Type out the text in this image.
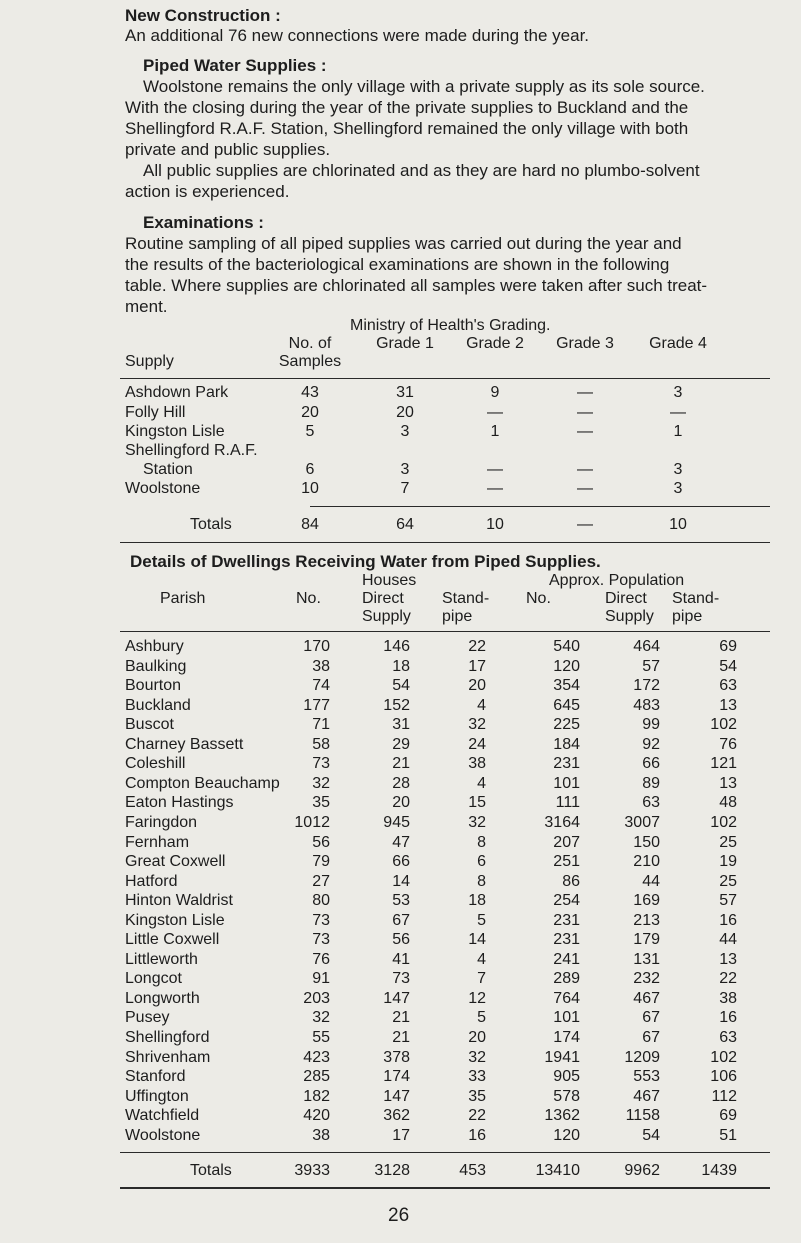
New Construction :
An additional 76 new connections were made during the year.
Piped Water Supplies :
Woolstone remains the only village with a private supply as its sole source.
With the closing during the year of the private supplies to Buckland and the
Shellingford R.A.F. Station, Shellingford remained the only village with both
private and public supplies.
All public supplies are chlorinated and as they are hard no plumbo-solvent
action is experienced.
Examinations :
Routine sampling of all piped supplies was carried out during the year and
the results of the bacteriological examinations are shown in the following
table. Where supplies are chlorinated all samples were taken after such treat-
ment.
Ministry of Health's Grading.
No. of
Samples
Supply
Grade 1	Grade 2	Grade 3	Grade 4
Ashdown Park	43	31	9	—	3
Folly Hill	20	20	—	—	—
Kingston Lisle	5	3	1	—	1
Shellingford R.A.F.
Station	6	3	—	—	3
Woolstone	10	7	—	—	3
Totals	84	64	10	—	10
Details of Dwellings Receiving Water from Piped Supplies.
Houses	Approx. Population
Parish	No.	Direct
Supply
Stand-
pipe
No.	Direct
Supply
Stand-
pipe
Ashbury	170	146	22	540	464	69
Baulking	38	18	17	120	57	54
Bourton	74	54	20	354	172	63
Buckland	177	152	4	645	483	13
Buscot	71	31	32	225	99	102
Charney Bassett	58	29	24	184	92	76
Coleshill	73	21	38	231	66	121
Compton Beauchamp	32	28	4	101	89	13
Eaton Hastings	35	20	15	111	63	48
Faringdon	1012	945	32	3164	3007	102
Fernham	56	47	8	207	150	25
Great Coxwell	79	66	6	251	210	19
Hatford	27	14	8	86	44	25
Hinton Waldrist	80	53	18	254	169	57
Kingston Lisle	73	67	5	231	213	16
Little Coxwell	73	56	14	231	179	44
Littleworth	76	41	4	241	131	13
Longcot	91	73	7	289	232	22
Longworth	203	147	12	764	467	38
Pusey	32	21	5	101	67	16
Shellingford	55	21	20	174	67	63
Shrivenham	423	378	32	1941	1209	102
Stanford	285	174	33	905	553	106
Uffington	182	147	35	578	467	112
Watchfield	420	362	22	1362	1158	69
Woolstone	38	17	16	120	54	51
Totals	3933	3128	453	13410	9962	1439
26
